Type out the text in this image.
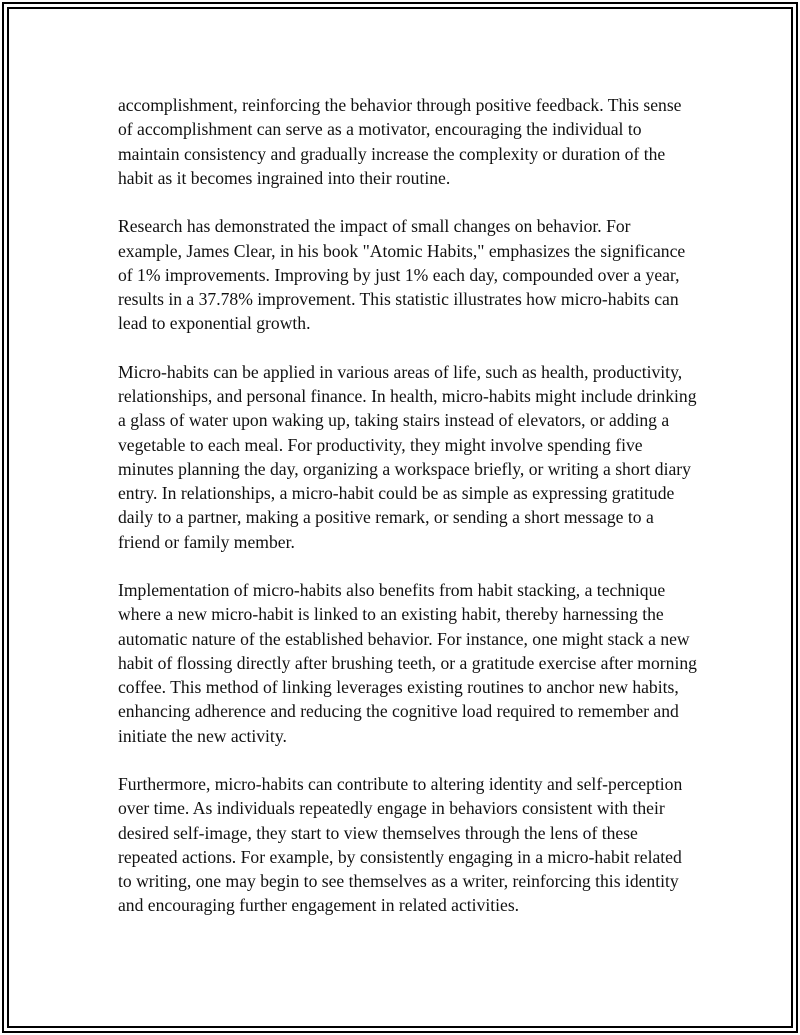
accomplishment, reinforcing the behavior through positive feedback. This sense of accomplishment can serve as a motivator, encouraging the individual to maintain consistency and gradually increase the complexity or duration of the habit as it becomes ingrained into their routine.

Research has demonstrated the impact of small changes on behavior. For example, James Clear, in his book "Atomic Habits," emphasizes the significance of 1% improvements. Improving by just 1% each day, compounded over a year, results in a 37.78% improvement. This statistic illustrates how micro-habits can lead to exponential growth.

Micro-habits can be applied in various areas of life, such as health, productivity, relationships, and personal finance. In health, micro-habits might include drinking a glass of water upon waking up, taking stairs instead of elevators, or adding a vegetable to each meal. For productivity, they might involve spending five minutes planning the day, organizing a workspace briefly, or writing a short diary entry. In relationships, a micro-habit could be as simple as expressing gratitude daily to a partner, making a positive remark, or sending a short message to a friend or family member.

Implementation of micro-habits also benefits from habit stacking, a technique where a new micro-habit is linked to an existing habit, thereby harnessing the automatic nature of the established behavior. For instance, one might stack a new habit of flossing directly after brushing teeth, or a gratitude exercise after morning coffee. This method of linking leverages existing routines to anchor new habits, enhancing adherence and reducing the cognitive load required to remember and initiate the new activity.

Furthermore, micro-habits can contribute to altering identity and self-perception over time. As individuals repeatedly engage in behaviors consistent with their desired self-image, they start to view themselves through the lens of these repeated actions. For example, by consistently engaging in a micro-habit related to writing, one may begin to see themselves as a writer, reinforcing this identity and encouraging further engagement in related activities.
